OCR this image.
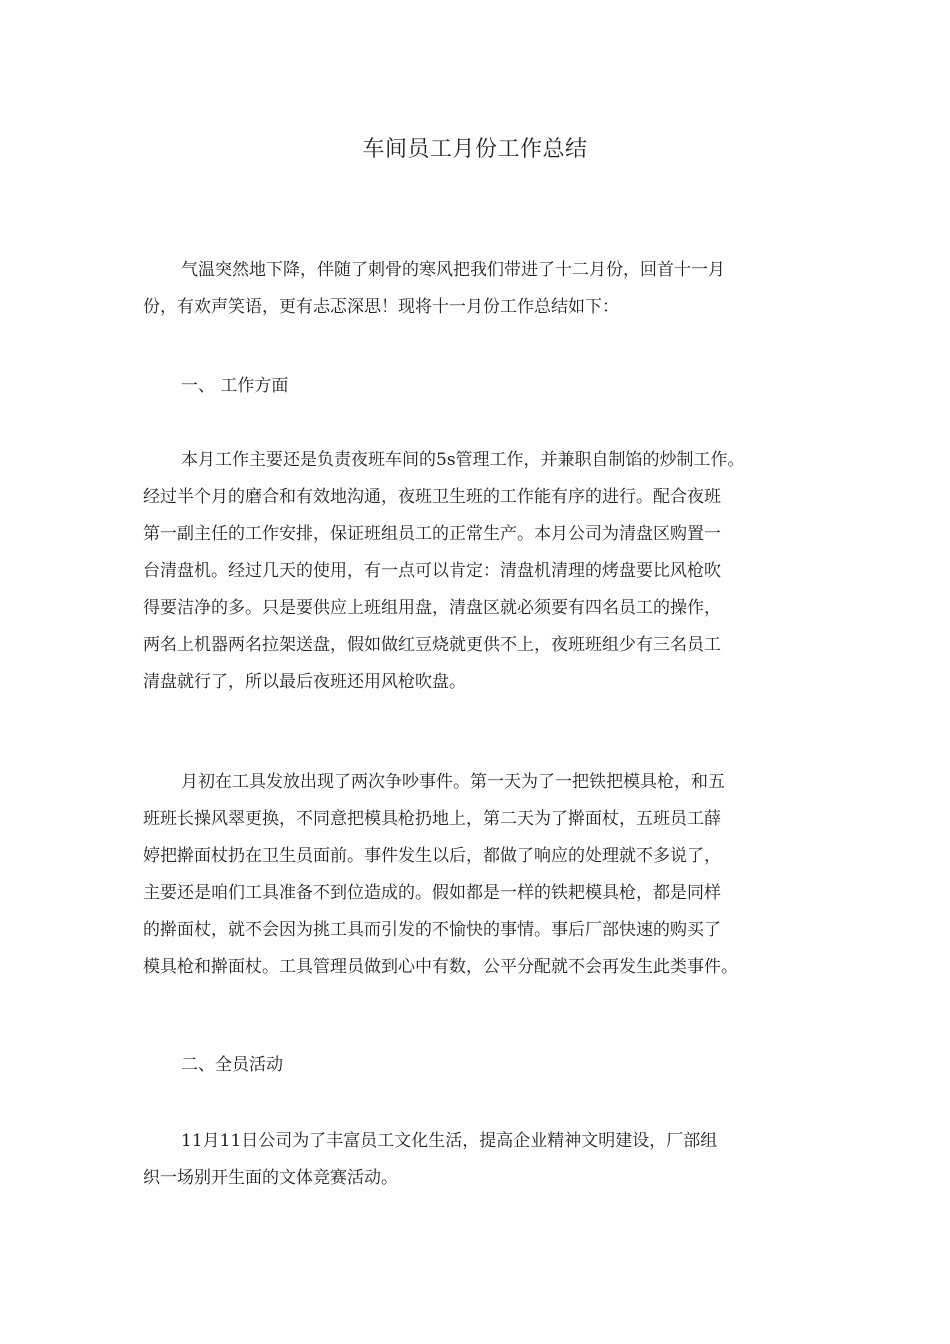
车间员工月份工作总结
气温突然地下降，伴随了刺骨的寒风把我们带进了十二月份，回首十一月
份，有欢声笑语，更有忐忑深思！现将十一月份工作总结如下：
一、 工作方面
本月工作主要还是负责夜班车间的5s管理工作，并兼职自制馅的炒制工作。
经过半个月的磨合和有效地沟通，夜班卫生班的工作能有序的进行。配合夜班
第一副主任的工作安排，保证班组员工的正常生产。本月公司为清盘区购置一
台清盘机。经过几天的使用，有一点可以肯定：清盘机清理的烤盘要比风枪吹
得要洁净的多。只是要供应上班组用盘，清盘区就必须要有四名员工的操作，
两名上机器两名拉架送盘，假如做红豆烧就更供不上，夜班班组少有三名员工
清盘就行了，所以最后夜班还用风枪吹盘。
月初在工具发放出现了两次争吵事件。第一天为了一把铁把模具枪，和五
班班长操风翠更换，不同意把模具枪扔地上，第二天为了擀面杖，五班员工薛
婷把擀面杖扔在卫生员面前。事件发生以后，都做了响应的处理就不多说了，
主要还是咱们工具准备不到位造成的。假如都是一样的铁耙模具枪，都是同样
的擀面杖，就不会因为挑工具而引发的不愉快的事情。事后厂部快速的购买了
模具枪和擀面杖。工具管理员做到心中有数，公平分配就不会再发生此类事件。
二、全员活动
11月11日公司为了丰富员工文化生活，提高企业精神文明建设，厂部组
织一场别开生面的文体竞赛活动。
